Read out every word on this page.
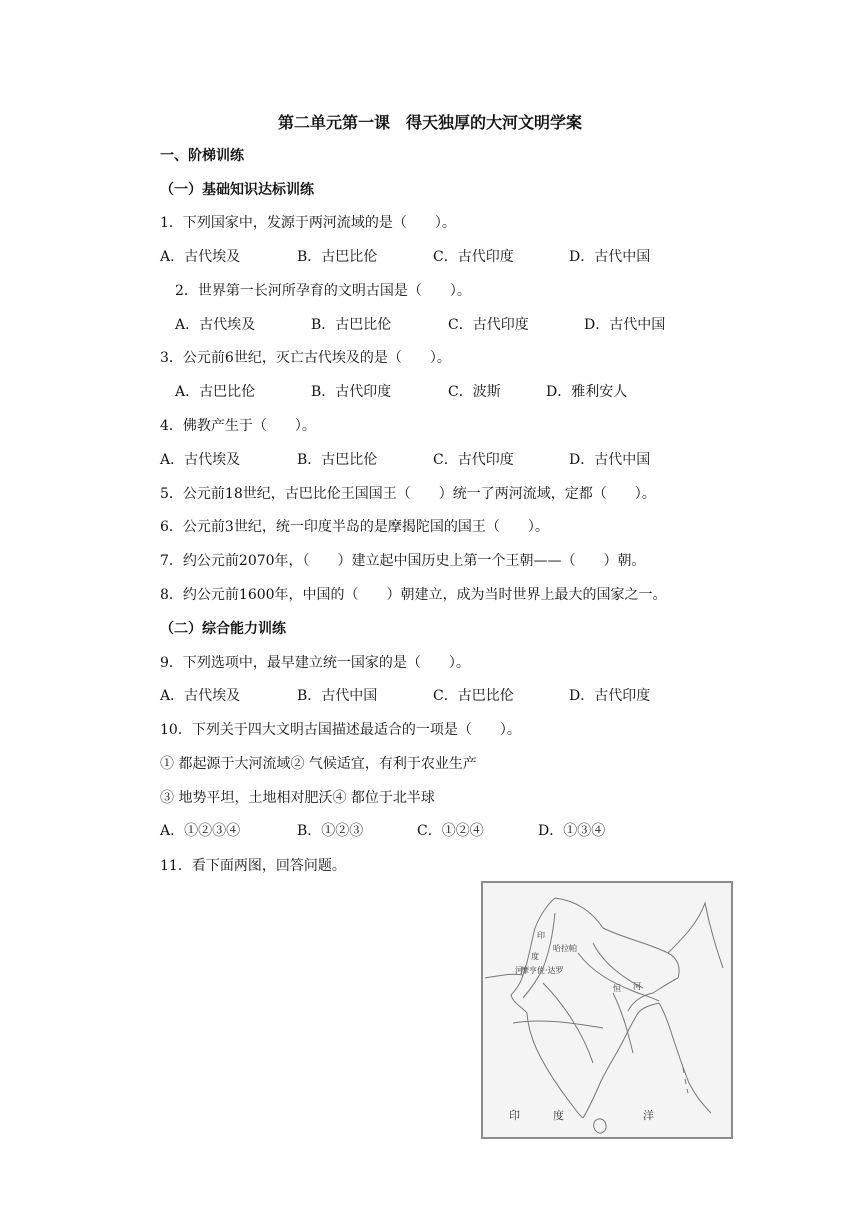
第二单元第一课　得天独厚的大河文明学案
一、阶梯训练
（一）基础知识达标训练
1．下列国家中，发源于两河流域的是（　　）。
A．古代埃及	B．古巴比伦	C．古代印度	D．古代中国
2．世界第一长河所孕育的文明古国是（　　）。
A．古代埃及	B．古巴比伦	C．古代印度	D．古代中国
3．公元前6世纪，灭亡古代埃及的是（　　）。
A．古巴比伦	B．古代印度	C．波斯	D．雅利安人
4．佛教产生于（　　）。
A．古代埃及	B．古巴比伦	C．古代印度	D．古代中国
5．公元前18世纪，古巴比伦王国国王（　　）统一了两河流域，定都（　　）。
6．公元前3世纪，统一印度半岛的是摩揭陀国的国王（　　）。
7．约公元前2070年，（　　）建立起中国历史上第一个王朝——（　　）朝。
8．约公元前1600年，中国的（　　）朝建立，成为当时世界上最大的国家之一。
（二）综合能力训练
9．下列选项中，最早建立统一国家的是（　　）。
A．古代埃及	B．古代中国	C．古巴比伦	D．古代印度
10．下列关于四大文明古国描述最适合的一项是（　　）。
① 都起源于大河流域② 气候适宜，有利于农业生产
③ 地势平坦，土地相对肥沃④ 都位于北半球
A．①②③④	B．①②③	C．①②④	D．①③④
11．看下面两图，回答问题。
印
度
哈拉帕
河
摩亨佐·达罗
恒 河
印	度	洋
